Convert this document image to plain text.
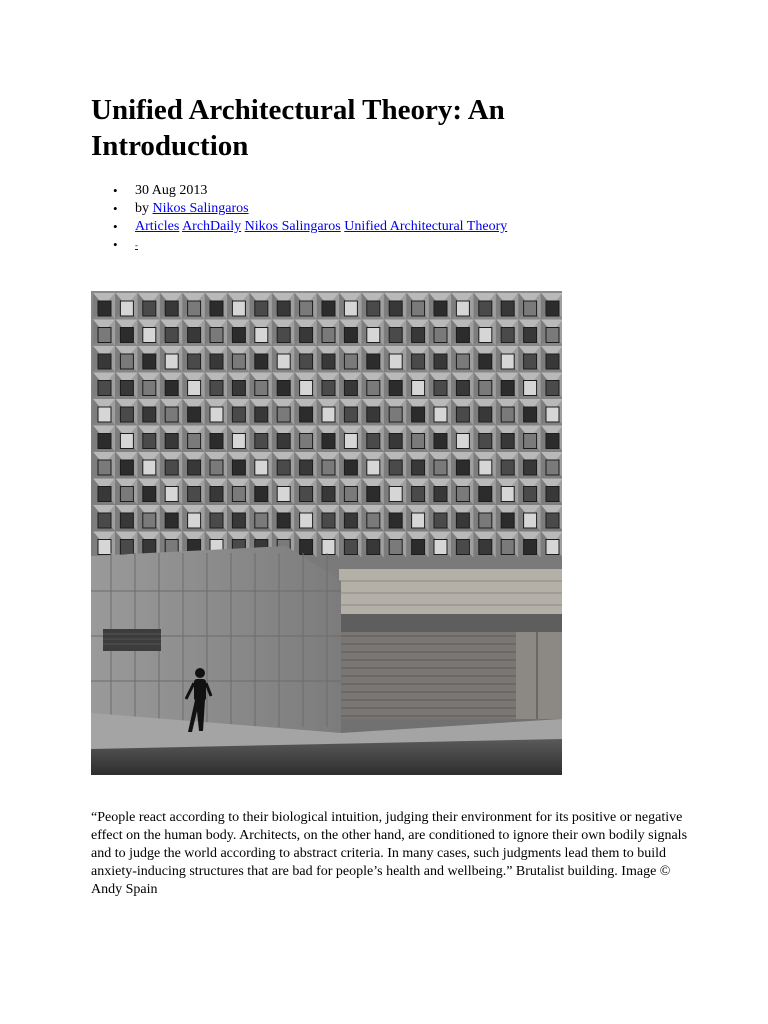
Unified Architectural Theory: An Introduction
• 30 Aug 2013
• by Nikos Salingaros
• Articles ArchDaily Nikos Salingaros Unified Architectural Theory
• -

“People react according to their biological intuition, judging their environment for its positive or negative effect on the human body. Architects, on the other hand, are conditioned to ignore their own bodily signals and to judge the world according to abstract criteria. In many cases, such judgments lead them to build anxiety-inducing structures that are bad for people’s health and wellbeing.” Brutalist building. Image © Andy Spain
